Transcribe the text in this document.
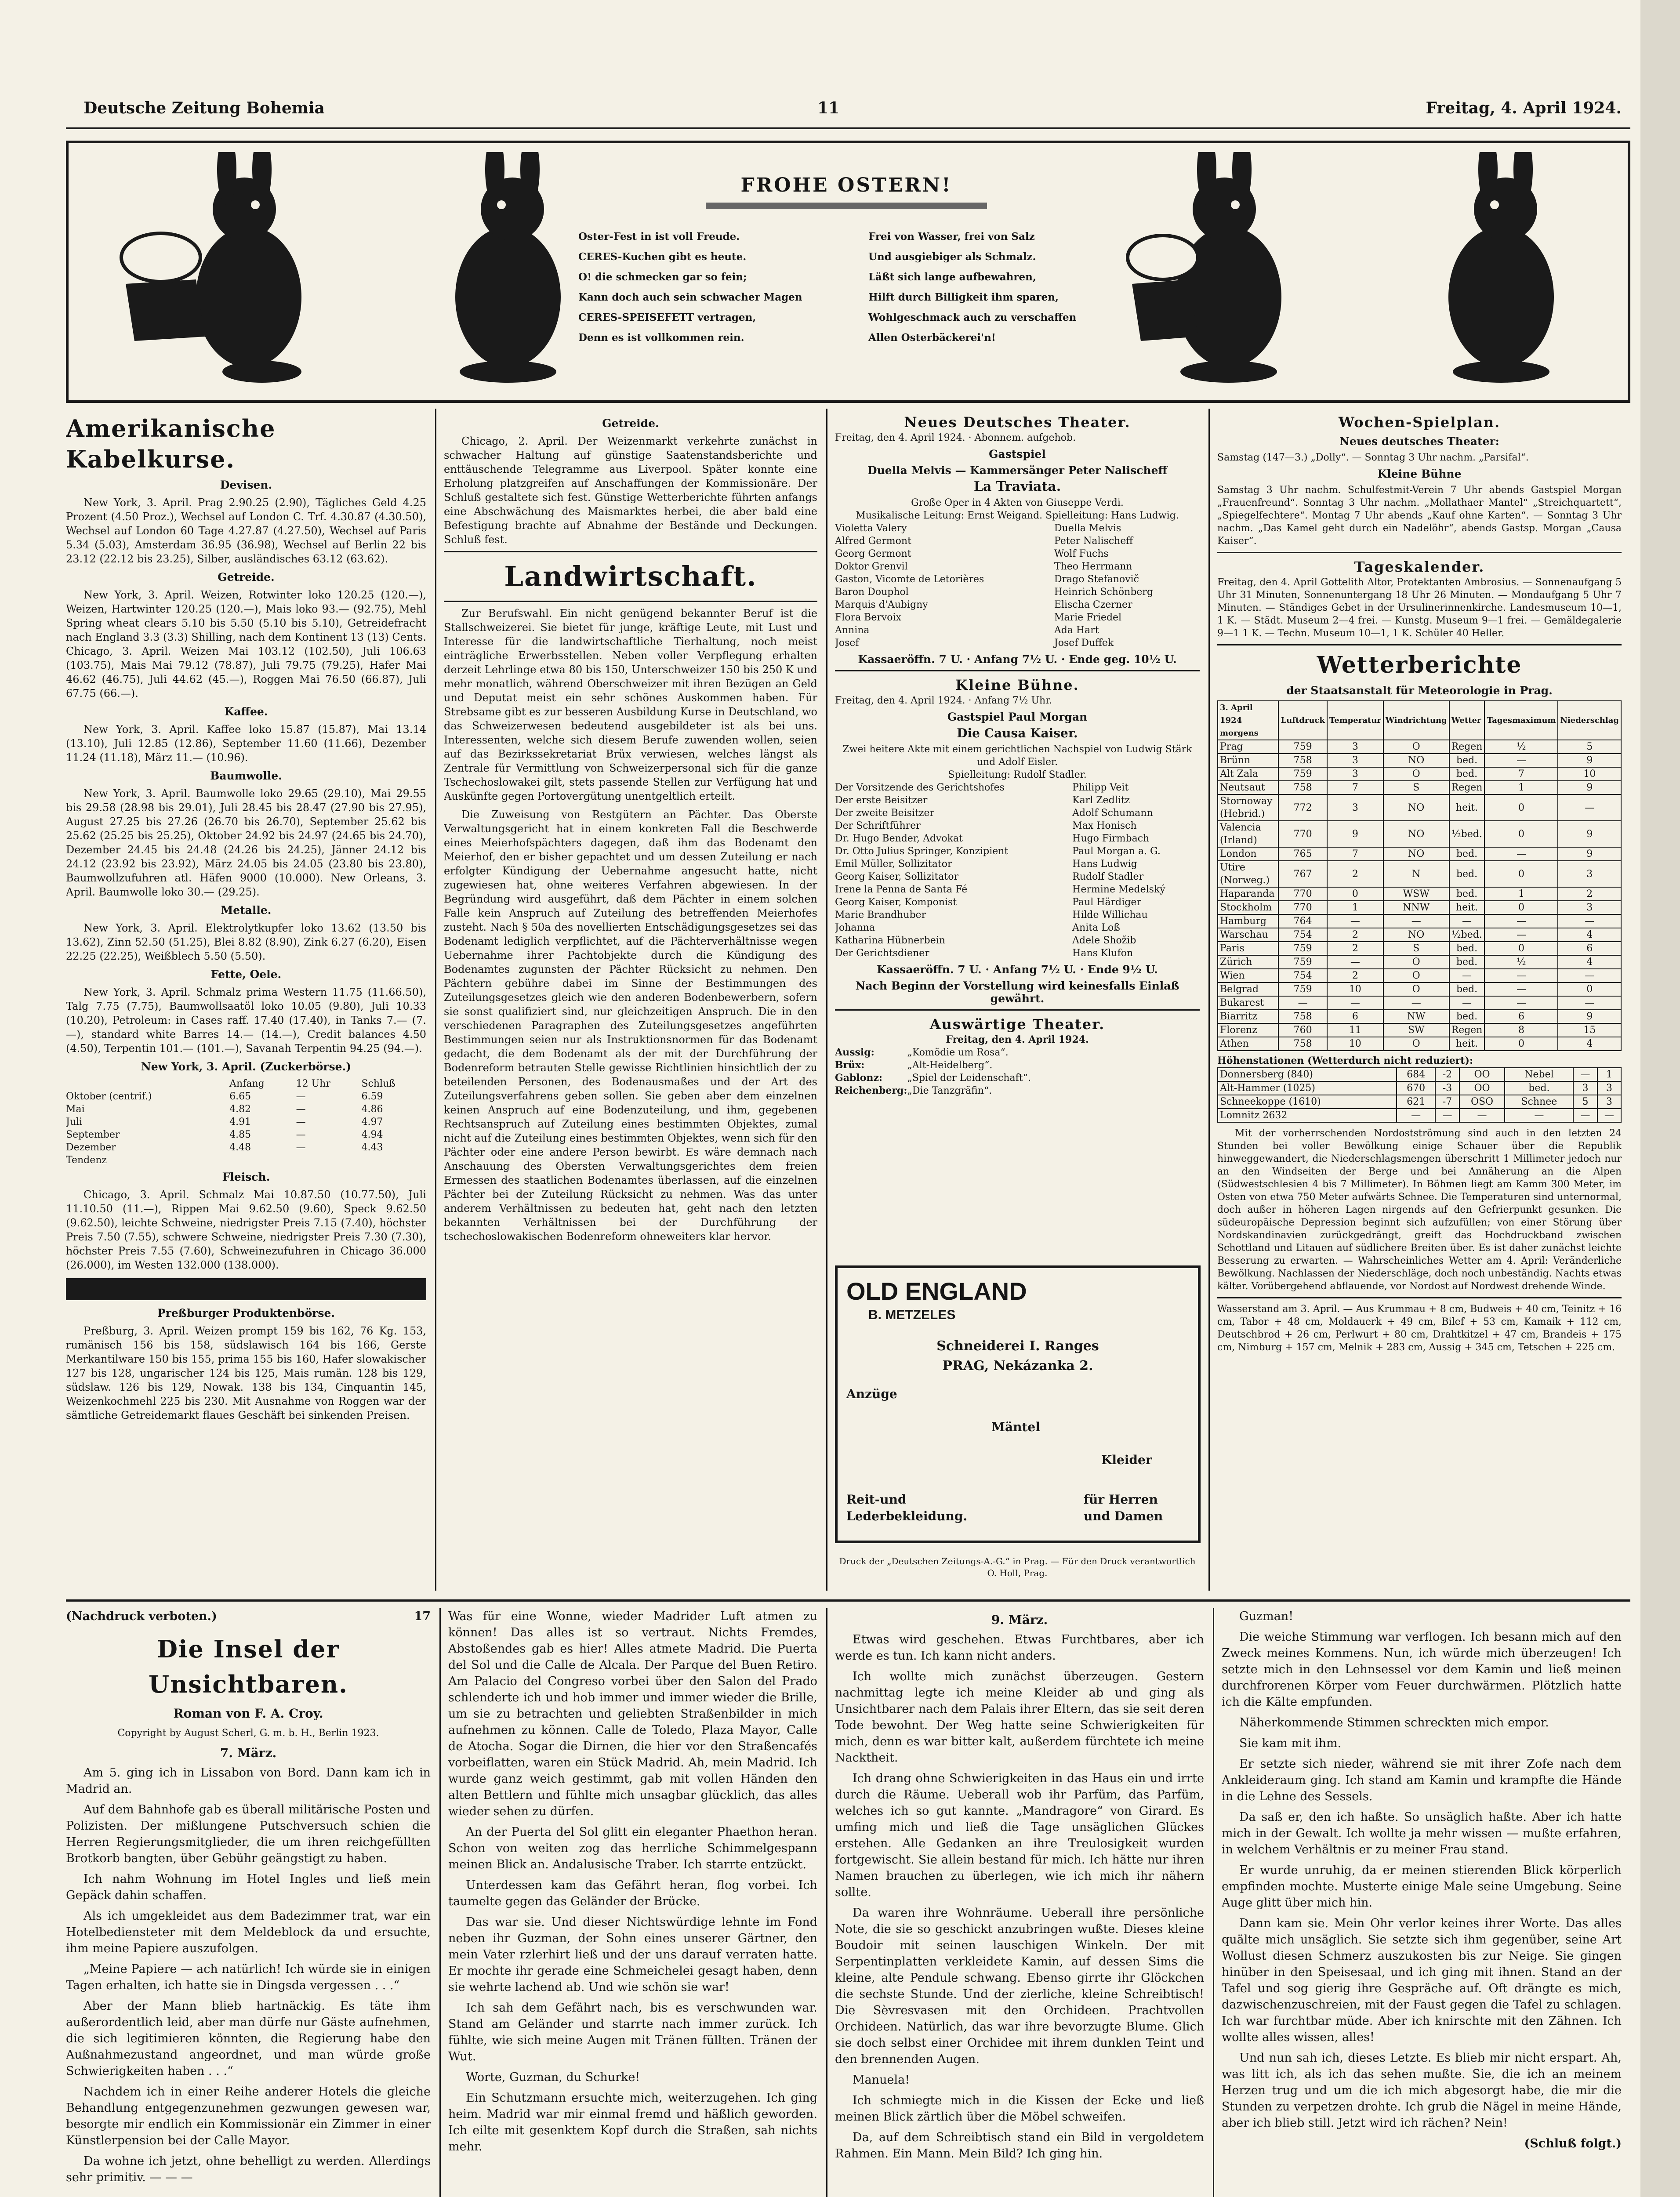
Deutsche Zeitung Bohemia	11	Freitag, 4. April 1924.
FROHE OSTERN!
Oster-Fest in ist voll Freude.
CERES-Kuchen gibt es heute.
O! die schmecken gar so fein;
Kann doch auch sein schwacher Magen
CERES-SPEISEFETT vertragen,
Denn es ist vollkommen rein.
Frei von Wasser, frei von Salz
Und ausgiebiger als Schmalz.
Läßt sich lange aufbewahren,
Hilft durch Billigkeit ihm sparen,
Wohlgeschmack auch zu verschaffen
Allen Osterbäckerei'n!
Amerikanische Kabelkurse.
Devisen.

New York, 3. April. Prag 2.90.25 (2.90), Tägliches Geld 4.25 Prozent (4.50 Proz.), Wechsel auf London C. Trf. 4.30.87 (4.30.50), Wechsel auf London 60 Tage 4.27.87 (4.27.50), Wechsel auf Paris 5.34 (5.03), Amsterdam 36.95 (36.98), Wechsel auf Berlin 22 bis 23.12 (22.12 bis 23.25), Silber, ausländisches 63.12 (63.62).

Getreide.

New York, 3. April. Weizen, Rotwinter loko 120.25 (120.—), Weizen, Hartwinter 120.25 (120.—), Mais loko 93.— (92.75), Mehl Spring wheat clears 5.10 bis 5.50 (5.10 bis 5.10), Getreidefracht nach England 3.3 (3.3) Shilling, nach dem Kontinent 13 (13) Cents. Chicago, 3. April. Weizen Mai 103.12 (102.50), Juli 106.63 (103.75), Mais Mai 79.12 (78.87), Juli 79.75 (79.25), Hafer Mai 46.62 (46.75), Juli 44.62 (45.—), Roggen Mai 76.50 (66.87), Juli 67.75 (66.—).

Kaffee.

New York, 3. April. Kaffee loko 15.87 (15.87), Mai 13.14 (13.10), Juli 12.85 (12.86), September 11.60 (11.66), Dezember 11.24 (11.18), März 11.— (10.96).

Baumwolle.

New York, 3. April. Baumwolle loko 29.65 (29.10), Mai 29.55 bis 29.58 (28.98 bis 29.01), Juli 28.45 bis 28.47 (27.90 bis 27.95), August 27.25 bis 27.26 (26.70 bis 26.70), September 25.62 bis 25.62 (25.25 bis 25.25), Oktober 24.92 bis 24.97 (24.65 bis 24.70), Dezember 24.45 bis 24.48 (24.26 bis 24.25), Jänner 24.12 bis 24.12 (23.92 bis 23.92), März 24.05 bis 24.05 (23.80 bis 23.80), Baumwollzufuhren atl. Häfen 9000 (10.000). New Orleans, 3. April. Baumwolle loko 30.— (29.25).

Metalle.

New York, 3. April. Elektrolytkupfer loko 13.62 (13.50 bis 13.62), Zinn 52.50 (51.25), Blei 8.82 (8.90), Zink 6.27 (6.20), Eisen 22.25 (22.25), Weißblech 5.50 (5.50).

Fette, Oele.

New York, 3. April. Schmalz prima Western 11.75 (11.66.50), Talg 7.75 (7.75), Baumwollsaatöl loko 10.05 (9.80), Juli 10.33 (10.20), Petroleum: in Cases raff. 17.40 (17.40), in Tanks 7.— (7.—), standard white Barres 14.— (14.—), Credit balances 4.50 (4.50), Terpentin 101.— (101.—), Savanah Terpentin 94.25 (94.—).

New York, 3. April. (Zuckerbörse.)
	Anfang	12 Uhr	Schluß
Oktober (centrif.)	6.65	—	6.59
Mai	4.82	—	4.86
Juli	4.91	—	4.97
September	4.85	—	4.94
Dezember	4.48	—	4.43
Tendenz			
Fleisch.

Chicago, 3. April. Schmalz Mai 10.87.50 (10.77.50), Juli 11.10.50 (11.—), Rippen Mai 9.62.50 (9.60), Speck 9.62.50 (9.62.50), leichte Schweine, niedrigster Preis 7.15 (7.40), höchster Preis 7.50 (7.55), schwere Schweine, niedrigster Preis 7.30 (7.30), höchster Preis 7.55 (7.60), Schweinezufuhren in Chicago 36.000 (26.000), im Westen 132.000 (138.000).

Preßburger Produktenbörse.

Preßburg, 3. April. Weizen prompt 159 bis 162, 76 Kg. 153, rumänisch 156 bis 158, südslawisch 164 bis 166, Gerste Merkantilware 150 bis 155, prima 155 bis 160, Hafer slowakischer 127 bis 128, ungarischer 124 bis 125, Mais rumän. 128 bis 129, südslaw. 126 bis 129, Nowak. 138 bis 134, Cinquantin 145, Weizenkochmehl 225 bis 230. Mit Ausnahme von Roggen war der sämtliche Getreidemarkt flaues Geschäft bei sinkenden Preisen.

Getreide.

Chicago, 2. April. Der Weizenmarkt verkehrte zunächst in schwacher Haltung auf günstige Saatenstandsberichte und enttäuschende Telegramme aus Liverpool. Später konnte eine Erholung platzgreifen auf Anschaffungen der Kommissionäre. Der Schluß gestaltete sich fest. Günstige Wetterberichte führten anfangs eine Abschwächung des Maismarktes herbei, die aber bald eine Befestigung brachte auf Abnahme der Bestände und Deckungen. Schluß fest.

Landwirtschaft.

Zur Berufswahl. Ein nicht genügend bekannter Beruf ist die Stallschweizerei. Sie bietet für junge, kräftige Leute, mit Lust und Interesse für die landwirtschaftliche Tierhaltung, noch meist einträgliche Erwerbsstellen. Neben voller Verpflegung erhalten derzeit Lehrlinge etwa 80 bis 150, Unterschweizer 150 bis 250 K und mehr monatlich, während Oberschweizer mit ihren Bezügen an Geld und Deputat meist ein sehr schönes Auskommen haben. Für Strebsame gibt es zur besseren Ausbildung Kurse in Deutschland, wo das Schweizerwesen bedeutend ausgebildeter ist als bei uns. Interessenten, welche sich diesem Berufe zuwenden wollen, seien auf das Bezirkssekretariat Brüx verwiesen, welches längst als Zentrale für Vermittlung von Schweizerpersonal sich für die ganze Tschechoslowakei gilt, stets passende Stellen zur Verfügung hat und Auskünfte gegen Portovergütung unentgeltlich erteilt.

Die Zuweisung von Restgütern an Pächter. Das Oberste Verwaltungsgericht hat in einem konkreten Fall die Beschwerde eines Meierhofspächters dagegen, daß ihm das Bodenamt den Meierhof, den er bisher gepachtet und um dessen Zuteilung er nach erfolgter Kündigung der Uebernahme angesucht hatte, nicht zugewiesen hat, ohne weiteres Verfahren abgewiesen. In der Begründung wird ausgeführt, daß dem Pächter in einem solchen Falle kein Anspruch auf Zuteilung des betreffenden Meierhofes zusteht. Nach § 50a des novellierten Entschädigungsgesetzes sei das Bodenamt lediglich verpflichtet, auf die Pächterverhältnisse wegen Uebernahme ihrer Pachtobjekte durch die Kündigung des Bodenamtes zugunsten der Pächter Rücksicht zu nehmen. Den Pächtern gebühre dabei im Sinne der Bestimmungen des Zuteilungsgesetzes gleich wie den anderen Bodenbewerbern, sofern sie sonst qualifiziert sind, nur gleichzeitigen Anspruch. Die in den verschiedenen Paragraphen des Zuteilungsgesetzes angeführten Bestimmungen seien nur als Instruktionsnormen für das Bodenamt gedacht, die dem Bodenamt als der mit der Durchführung der Bodenreform betrauten Stelle gewisse Richtlinien hinsichtlich der zu beteilenden Personen, des Bodenausmaßes und der Art des Zuteilungsverfahrens geben sollen. Sie geben aber dem einzelnen keinen Anspruch auf eine Bodenzuteilung, und ihm, gegebenen Rechtsanspruch auf Zuteilung eines bestimmten Objektes, zumal nicht auf die Zuteilung eines bestimmten Objektes, wenn sich für den Pächter oder eine andere Person bewirbt. Es wäre demnach nach Anschauung des Obersten Verwaltungsgerichtes dem freien Ermessen des staatlichen Bodenamtes überlassen, auf die einzelnen Pächter bei der Zuteilung Rücksicht zu nehmen. Was das unter anderem Verhältnissen zu bedeuten hat, geht nach den letzten bekannten Verhältnissen bei der Durchführung der tschechoslowakischen Bodenreform ohneweiters klar hervor.

Neues Deutsches Theater.
Freitag, den 4. April 1924. · Abonnem. aufgehob.
Gastspiel
Duella Melvis — Kammersänger Peter Nalischeff
La Traviata.
Große Oper in 4 Akten von Giuseppe Verdi.
Musikalische Leitung: Ernst Weigand. Spielleitung: Hans Ludwig.
Violetta Valery	Duella Melvis
Alfred Germont	Peter Nalischeff
Georg Germont	Wolf Fuchs
Doktor Grenvil	Theo Herrmann
Gaston, Vicomte de Letorières	Drago Stefanovič
Baron Douphol	Heinrich Schönberg
Marquis d'Aubigny	Elischa Czerner
Flora Bervoix	Marie Friedel
Annina	Ada Hart
Josef	Josef Duffek
Kassaeröffn. 7 U. · Anfang 7½ U. · Ende geg. 10½ U.
Kleine Bühne.
Freitag, den 4. April 1924. · Anfang 7½ Uhr.
Gastspiel Paul Morgan
Die Causa Kaiser.
Zwei heitere Akte mit einem gerichtlichen Nachspiel von Ludwig Stärk und Adolf Eisler.
Spielleitung: Rudolf Stadler.
Der Vorsitzende des Gerichtshofes	Philipp Veit
Der erste Beisitzer	Karl Zedlitz
Der zweite Beisitzer	Adolf Schumann
Der Schriftführer	Max Honisch
Dr. Hugo Bender, Advokat	Hugo Firmbach
Dr. Otto Julius Springer, Konzipient	Paul Morgan a. G.
Emil Müller, Sollizitator	Hans Ludwig
Georg Kaiser, Sollizitator	Rudolf Stadler
Irene la Penna de Santa Fé	Hermine Medelský
Georg Kaiser, Komponist	Paul Härdiger
Marie Brandhuber	Hilde Willichau
Johanna	Anita Loß
Katharina Hübnerbein	Adele Shožib
Der Gerichtsdiener	Hans Klufon
Kassaeröffn. 7 U. · Anfang 7½ U. · Ende 9½ U.
Nach Beginn der Vorstellung wird keinesfalls Einlaß gewährt.
Auswärtige Theater.
Freitag, den 4. April 1924.
Aussig:	„Komödie um Rosa“.
Brüx:	„Alt-Heidelberg“.
Gablonz:	„Spiel der Leidenschaft“.
Reichenberg:	„Die Tanzgräfin“.
OLD ENGLAND
B. METZELES
Schneiderei I. Ranges
PRAG, Nekázanka 2.
Anzüge
Mäntel
Kleider
Reit-und
Lederbekleidung.
für Herren
und Damen
Druck der „Deutschen Zeitungs-A.-G.“ in Prag. — Für den Druck verantwortlich O. Holl, Prag.
Wochen-Spielplan.
Neues deutsches Theater:
Samstag (147—3.) „Dolly“. — Sonntag 3 Uhr nachm. „Parsifal“.
Kleine Bühne
Samstag 3 Uhr nachm. Schulfestmit-Verein 7 Uhr abends Gastspiel Morgan „Frauenfreund“. Sonntag 3 Uhr nachm. „Mollathaer Mantel“ „Streichquartett“, „Spiegelfechtere“. Montag 7 Uhr abends „Kauf ohne Karten“. — Sonntag 3 Uhr nachm. „Das Kamel geht durch ein Nadelöhr“, abends Gastsp. Morgan „Causa Kaiser“.
Tageskalender.
Freitag, den 4. April Gottelith Altor, Protektanten Ambrosius. — Sonnenaufgang 5 Uhr 31 Minuten, Sonnenuntergang 18 Uhr 26 Minuten. — Mondaufgang 5 Uhr 7 Minuten. — Ständiges Gebet in der Ursulinerinnenkirche. Landesmuseum 10—1, 1 K. — Städt. Museum 2—4 frei. — Kunstg. Museum 9—1 frei. — Gemäldegalerie 9—1 1 K. — Techn. Museum 10—1, 1 K. Schüler 40 Heller.
Wetterberichte
der Staatsanstalt für Meteorologie in Prag.
3. April 1924
morgens	Luftdruck	Temperatur	Windrichtung	Wetter	Tagesmaximum	Niederschlag
Prag	759	3	O	Regen	½	5
Brünn	758	3	NO	bed.	—	9
Alt Zala	759	3	O	bed.	7	10
Neutsaut	758	7	S	Regen	1	9
Stornoway (Hebrid.)	772	3	NO	heit.	0	—
Valencia (Irland)	770	9	NO	½bed.	0	9
London	765	7	NO	bed.	—	9
Utire (Norweg.)	767	2	N	bed.	0	3
Haparanda	770	0	WSW	bed.	1	2
Stockholm	770	1	NNW	heit.	0	3
Hamburg	764	—	—	—	—	—
Warschau	754	2	NO	½bed.	—	4
Paris	759	2	S	bed.	0	6
Zürich	759	—	O	bed.	½	4
Wien	754	2	O	—	—	—
Belgrad	759	10	O	bed.	—	0
Bukarest	—	—	—	—	—	—
Biarritz	758	6	NW	bed.	6	9
Florenz	760	11	SW	Regen	8	15
Athen	758	10	O	heit.	0	4
Höhenstationen (Wetterdurch nicht reduziert):
Donnersberg (840)	684	-2	OO	Nebel	—	1
Alt-Hammer (1025)	670	-3	OO	bed.	3	3
Schneekoppe (1610)	621	-7	OSO	Schnee	5	3
Lomnitz 2632	—	—	—	—	—	—

Mit der vorherrschenden Nordostströmung sind auch in den letzten 24 Stunden bei voller Bewölkung einige Schauer über die Republik hinweggewandert, die Niederschlagsmengen überschritt 1 Millimeter jedoch nur an den Windseiten der Berge und bei Annäherung an die Alpen (Südwestschlesien 4 bis 7 Millimeter). In Böhmen liegt am Kamm 300 Meter, im Osten von etwa 750 Meter aufwärts Schnee. Die Temperaturen sind unternormal, doch außer in höheren Lagen nirgends auf den Gefrierpunkt gesunken. Die südeuropäische Depression beginnt sich aufzufüllen; von einer Störung über Nordskandinavien zurückgedrängt, greift das Hochdruckband zwischen Schottland und Litauen auf südlichere Breiten über. Es ist daher zunächst leichte Besserung zu erwarten. — Wahrscheinliches Wetter am 4. April: Veränderliche Bewölkung. Nachlassen der Niederschläge, doch noch unbeständig. Nachts etwas kälter. Vorübergehend abflauende, vor Nordost auf Nordwest drehende Winde.

Wasserstand am 3. April. — Aus Krummau + 8 cm, Budweis + 40 cm, Teinitz + 16 cm, Tabor + 48 cm, Moldauerk + 49 cm, Bilef + 53 cm, Kamaik + 112 cm, Deutschbrod + 26 cm, Perlwurt + 80 cm, Drahtkitzel + 47 cm, Brandeis + 175 cm, Nimburg + 157 cm, Melnik + 283 cm, Aussig + 345 cm, Tetschen + 225 cm.
(Nachdruck verboten.)	17
Die Insel der Unsichtbaren.
Roman von F. A. Croy.
Copyright by August Scherl, G. m. b. H., Berlin 1923.
7. März.

Am 5. ging ich in Lissabon von Bord. Dann kam ich in Madrid an.

Auf dem Bahnhofe gab es überall militärische Posten und Polizisten. Der mißlungene Putschversuch schien die Herren Regierungsmitglieder, die um ihren reichgefüllten Brotkorb bangten, über Gebühr geängstigt zu haben.

Ich nahm Wohnung im Hotel Ingles und ließ mein Gepäck dahin schaffen.

Als ich umgekleidet aus dem Badezimmer trat, war ein Hotelbediensteter mit dem Meldeblock da und ersuchte, ihm meine Papiere auszufolgen.

„Meine Papiere — ach natürlich! Ich würde sie in einigen Tagen erhalten, ich hatte sie in Dingsda vergessen . . .“

Aber der Mann blieb hartnäckig. Es täte ihm außerordentlich leid, aber man dürfe nur Gäste aufnehmen, die sich legitimieren könnten, die Regierung habe den Außnahmezustand angeordnet, und man würde große Schwierigkeiten haben . . .“

Nachdem ich in einer Reihe anderer Hotels die gleiche Behandlung entgegenzunehmen gezwungen gewesen war, besorgte mir endlich ein Kommissionär ein Zimmer in einer Künstlerpension bei der Calle Mayor.

Da wohne ich jetzt, ohne behelligt zu werden. Allerdings sehr primitiv. — — —

Was für eine Wonne, wieder Madrider Luft atmen zu können! Das alles ist so vertraut. Nichts Fremdes, Abstoßendes gab es hier! Alles atmete Madrid. Die Puerta del Sol und die Calle de Alcala. Der Parque del Buen Retiro. Am Palacio del Congreso vorbei über den Salon del Prado schlenderte ich und hob immer und immer wieder die Brille, um sie zu betrachten und geliebten Straßenbilder in mich aufnehmen zu können. Calle de Toledo, Plaza Mayor, Calle de Atocha. Sogar die Dirnen, die hier vor den Straßencafés vorbeiflatten, waren ein Stück Madrid. Ah, mein Madrid. Ich wurde ganz weich gestimmt, gab mit vollen Händen den alten Bettlern und fühlte mich unsagbar glücklich, das alles wieder sehen zu dürfen.

An der Puerta del Sol glitt ein eleganter Phaethon heran. Schon von weiten zog das herrliche Schimmelgespann meinen Blick an. Andalusische Traber. Ich starrte entzückt.

Unterdessen kam das Gefährt heran, flog vorbei. Ich taumelte gegen das Geländer der Brücke.

Das war sie. Und dieser Nichtswürdige lehnte im Fond neben ihr Guzman, der Sohn eines unserer Gärtner, den mein Vater rzlerhirt ließ und der uns darauf verraten hatte. Er mochte ihr gerade eine Schmeichelei gesagt haben, denn sie wehrte lachend ab. Und wie schön sie war!

Ich sah dem Gefährt nach, bis es verschwunden war. Stand am Geländer und starrte nach immer zurück. Ich fühlte, wie sich meine Augen mit Tränen füllten. Tränen der Wut.

Worte, Guzman, du Schurke!

Ein Schutzmann ersuchte mich, weiterzugehen. Ich ging heim. Madrid war mir einmal fremd und häßlich geworden. Ich eilte mit gesenktem Kopf durch die Straßen, sah nichts mehr.

9. März.

Etwas wird geschehen. Etwas Furchtbares, aber ich werde es tun. Ich kann nicht anders.

Ich wollte mich zunächst überzeugen. Gestern nachmittag legte ich meine Kleider ab und ging als Unsichtbarer nach dem Palais ihrer Eltern, das sie seit deren Tode bewohnt. Der Weg hatte seine Schwierigkeiten für mich, denn es war bitter kalt, außerdem fürchtete ich meine Nacktheit.

Ich drang ohne Schwierigkeiten in das Haus ein und irrte durch die Räume. Ueberall wob ihr Parfüm, das Parfüm, welches ich so gut kannte. „Mandragore“ von Girard. Es umfing mich und ließ die Tage unsäglichen Glückes erstehen. Alle Gedanken an ihre Treulosigkeit wurden fortgewischt. Sie allein bestand für mich. Ich hätte nur ihren Namen brauchen zu überlegen, wie ich mich ihr nähern sollte.

Da waren ihre Wohnräume. Ueberall ihre persönliche Note, die sie so geschickt anzubringen wußte. Dieses kleine Boudoir mit seinen lauschigen Winkeln. Der mit Serpentinplatten verkleidete Kamin, auf dessen Sims die kleine, alte Pendule schwang. Ebenso girrte ihr Glöckchen die sechste Stunde. Und der zierliche, kleine Schreibtisch! Die Sèvresvasen mit den Orchideen. Prachtvollen Orchideen. Natürlich, das war ihre bevorzugte Blume. Glich sie doch selbst einer Orchidee mit ihrem dunklen Teint und den brennenden Augen.

Manuela!

Ich schmiegte mich in die Kissen der Ecke und ließ meinen Blick zärtlich über die Möbel schweifen.

Da, auf dem Schreibtisch stand ein Bild in vergoldetem Rahmen. Ein Mann. Mein Bild? Ich ging hin.

Guzman!

Die weiche Stimmung war verflogen. Ich besann mich auf den Zweck meines Kommens. Nun, ich würde mich überzeugen! Ich setzte mich in den Lehnsessel vor dem Kamin und ließ meinen durchfrorenen Körper vom Feuer durchwärmen. Plötzlich hatte ich die Kälte empfunden.

Näherkommende Stimmen schreckten mich empor.

Sie kam mit ihm.

Er setzte sich nieder, während sie mit ihrer Zofe nach dem Ankleideraum ging. Ich stand am Kamin und krampfte die Hände in die Lehne des Sessels.

Da saß er, den ich haßte. So unsäglich haßte. Aber ich hatte mich in der Gewalt. Ich wollte ja mehr wissen — mußte erfahren, in welchem Verhältnis er zu meiner Frau stand.

Er wurde unruhig, da er meinen stierenden Blick körperlich empfinden mochte. Musterte einige Male seine Umgebung. Seine Auge glitt über mich hin.

Dann kam sie. Mein Ohr verlor keines ihrer Worte. Das alles quälte mich unsäglich. Sie setzte sich ihm gegenüber, seine Art Wollust diesen Schmerz auszukosten bis zur Neige. Sie gingen hinüber in den Speisesaal, und ich ging mit ihnen. Stand an der Tafel und sog gierig ihre Gespräche auf. Oft drängte es mich, dazwischenzuschreien, mit der Faust gegen die Tafel zu schlagen. Ich war furchtbar müde. Aber ich knirschte mit den Zähnen. Ich wollte alles wissen, alles!

Und nun sah ich, dieses Letzte. Es blieb mir nicht erspart. Ah, was litt ich, als ich das sehen mußte. Sie, die ich an meinem Herzen trug und um die ich mich abgesorgt habe, die mir die Stunden zu verpetzen drohte. Ich grub die Nägel in meine Hände, aber ich blieb still. Jetzt wird ich rächen? Nein!

(Schluß folgt.)
